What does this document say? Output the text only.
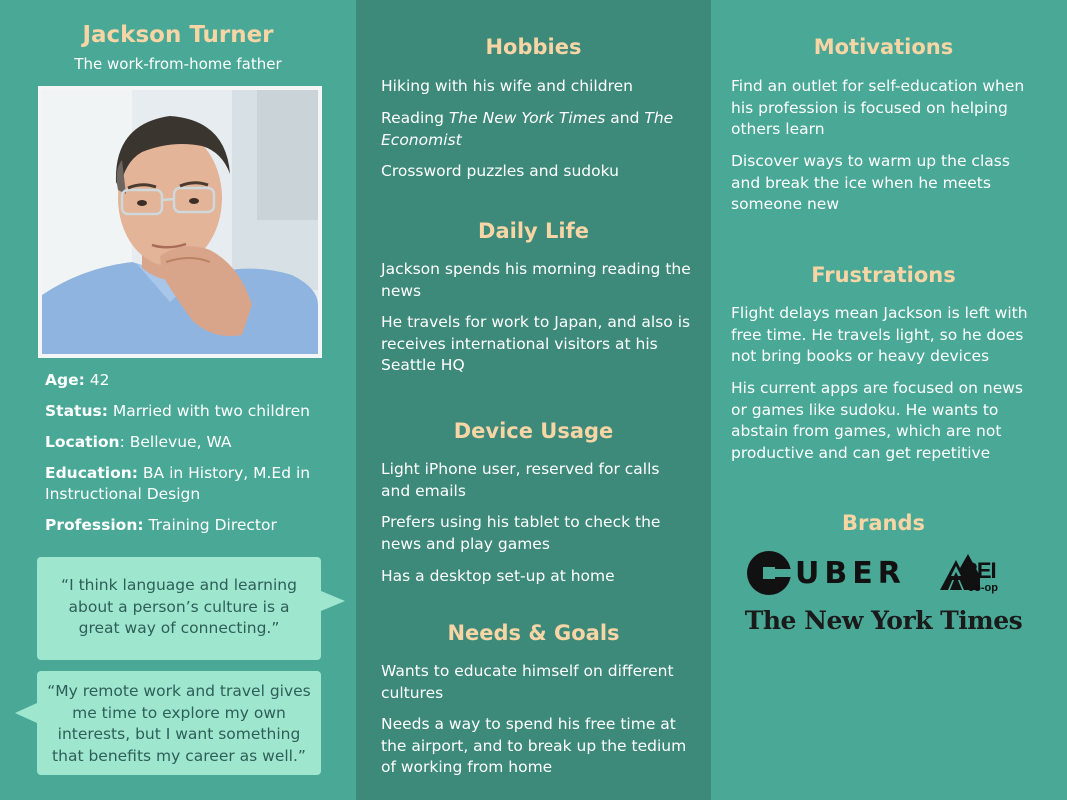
Jackson Turner
The work-from-home father
Age: 42
Status: Married with two children
Location: Bellevue, WA
Education: BA in History, M.Ed in Instructional Design
Profession: Training Director
“I think language and learning about a person’s culture is a great way of connecting.”
“My remote work and travel gives me time to explore my own interests, but I want something that benefits my career as well.”
Hobbies

Hiking with his wife and children

Reading The New York Times and The Economist

Crossword puzzles and sudoku

Daily Life

Jackson spends his morning reading the news

He travels for work to Japan, and also is receives international visitors at his Seattle HQ

Device Usage

Light iPhone user, reserved for calls and emails

Prefers using his tablet to check the news and play games

Has a desktop set-up at home

Needs & Goals

Wants to educate himself on different cultures

Needs a way to spend his free time at the airport, and to break up the tedium of working from home

Motivations

Find an outlet for self-education when his profession is focused on helping others learn

Discover ways to warm up the class and break the ice when he meets someone new

Frustrations

Flight delays mean Jackson is left with free time. He travels light, so he does not bring books or heavy devices

His current apps are focused on news or games like sudoku. He wants to abstain from games, which are not productive and can get repetitive

Brands
UBER	REI
co-op
The New York Times
